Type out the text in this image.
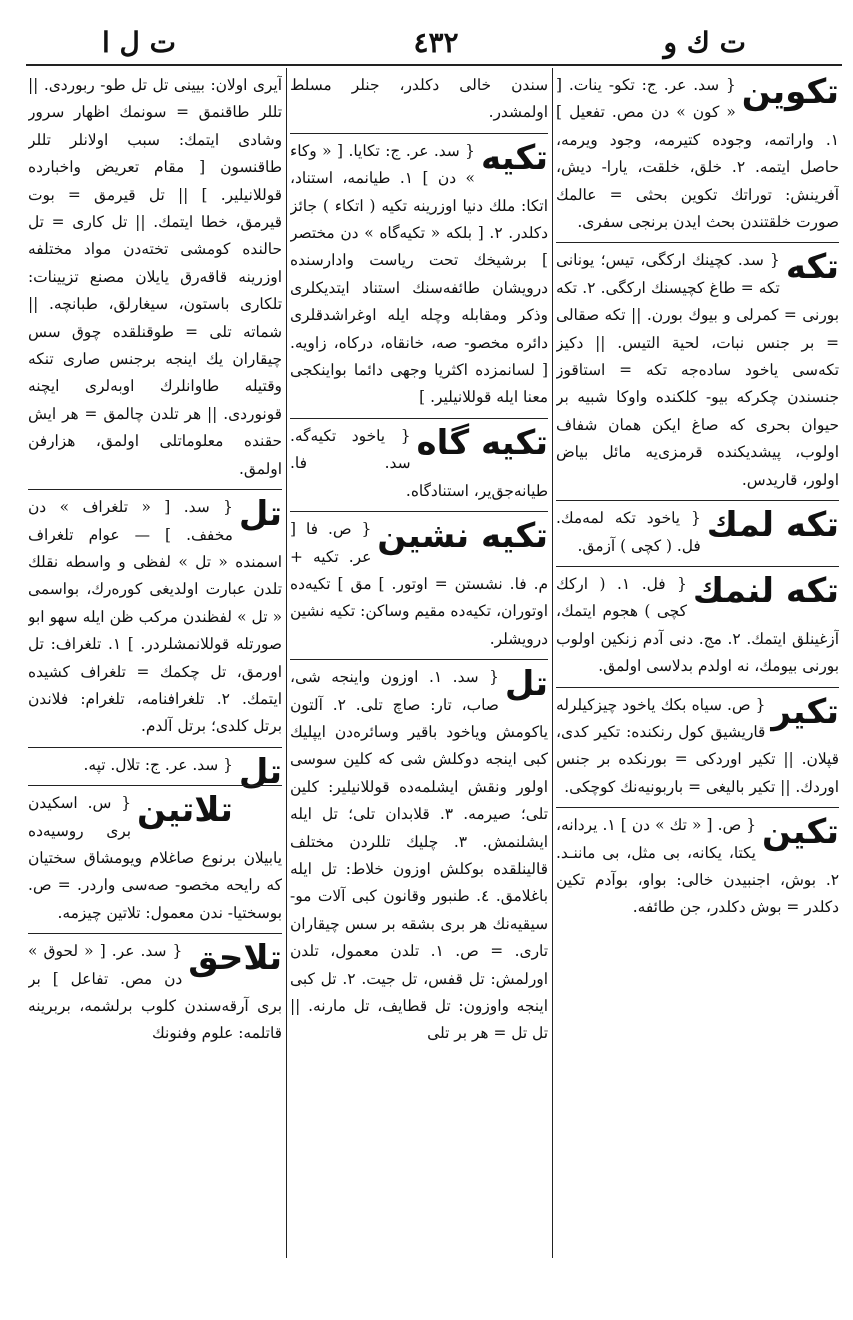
ت ك و
٤٣٢
ت ل ا
تكوين
{ سد. عر. ج: تكو- ينات. [ « كون » دن مص. تفعيل ] ١. واراتمه، وجوده كتيرمه، وجود ويرمه، حاصل ايتمه. ٢. خلق، خلقت، يارا- ديش، آفرينش: توراتك تكوين بحثى = عالمك صورت خلقتندن بحث ايدن برنجى سفرى.
تكه
{ سد. كچينك اركگى، تيس؛ يونانى تكه = طاغ كچيسنك اركگى. ٢. تكه بورنى = كمرلى و بيوك بورن. || تكه صقالى = بر جنس نبات، لحية التيس. || دكيز تكه‌سى ياخود ساده‌جه تكه = استاقوز جنسندن چكركه بيو- كلكنده واوكا شبيه بر حيوان بحرى كه صاغ ايكن همان شفاف اولوب، پيشديكنده قرمزى‌يه مائل بياض اولور، قاريدس.
تكه لمك
{ ياخود تكه لمه‌مك. فل. ( كچى ) آزمق.
تكه لنمك
{ فل. ١. ( اركك كچى ) هجوم ايتمك، آزغينلق ايتمك. ٢. مج. دنى آدم زنكين اولوب بورنى بيومك، نه اولدم بدلاسى اولمق.
تكير
{ ص. سياه بكك ياخود چيزكيلرله قاريشيق كول رنكنده: تكير كدى، قپلان. || تكير اوردكى = بورنكده بر جنس اوردك. || تكير باليغى = باربونيه‌نك كوچكى.
تكين
{ ص. [ « تك » دن ] ١. يردانه، يكتا، يكانه، بى مثل، بى ماننـد. ٢. بوش، اجنبيدن خالى: بواو، بوآدم تكين دكلدر = بوش دكلدر، جن طائفه.
سندن خالى دكلدر، جنلر مسلط اولمشدر.
تكيه
{ سد. عر. ج: تكايا. [ « وكاء » دن ] ١. طيانمه، استناد، اتكا: ملك دنيا اوزرينه تكيه ( اتكاء ) جائز دكلدر. ٢. [ بلكه « تكيه‌گاه » دن مختصر ] برشيخك تحت رياست وادارسنده درويشان طائفه‌سنك استناد ايتديكلرى وذكر ومقابله وچله ايله اوغراشدقلرى دائره مخصو- صه، خانقاه، دركاه، زاويه. [ لسانمزده اكثريا وجهى دائما بواينكجى معنا ايله قوللانيلير. ]
تكيه گاه
{ ياخود تكيه‌گه. سد. فا. طيانه‌جق‌ير، استنادگاه.
تكيه نشين
{ ص. فا [ عر. تكيه + م. فا. نشستن = اوتور. ] مق ] تكيه‌ده اوتوران، تكيه‌ده مقيم وساكن: تكيه نشين درويشلر.
تل
{ سد. ١. اوزون واينجه شى، صاب، تار: صاچ تلى. ٢. آلتون ياكومش وياخود باقير وسائره‌دن ايپليك كبى اينجه دوكلش شى كه كلين سوسى اولور ونقش ايشلمه‌ده قوللانيلير: كلين تلى؛ صيرمه. ٣. قلابدان تلى؛ تل ايله ايشلنمش. ٣. چليك تللردن مختلف قالينلقده بوكلش اوزون خلاط: تل ايله باغلامق. ٤. طنبور وقانون كبى آلات مو- سيقيه‌نك هر برى بشقه بر سس چيقاران تارى. = ص. ١. تلدن معمول، تلدن اورلمش: تل قفس، تل جيت. ٢. تل كبى اينجه واوزون: تل قطايف، تل مارنه. || تل تل = هر بر تلى
آيرى اولان: بيينى تل تل طو- ربوردى. || تللر طاقنمق = سونمك اظهار سرور وشادى ايتمك: سبب اولانلر تللر طاقنسون [ مقام تعريض واخبارده قوللانيلير. ] || تل قيرمق = بوت قيرمق، خطا ايتمك. || تل كارى = تل حالنده كومشى تخته‌دن مواد مختلفه اوزرينه قاقه‌رق يايلان مصنع تزيينات: تلكارى باستون، سيغارلق، طبانچه. || شماته تلى = طوقنلقده چوق سس چيقاران يك اينجه برجنس صارى تنكه وقتيله طاوانلرك اوبه‌لرى ايچنه قونوردى. || هر تلدن چالمق = هر ايش حقنده معلوماتلى اولمق، هزارفن اولمق.
تل
{ سد. [ « تلغراف » دن مخفف. ] — عوام تلغراف اسمنده « تل » لفظى و واسطه نقلك تلدن عبارت اولديغى كوره‌رك، بواسمى « تل » لفظندن مركب ظن ايله سهو ابو صورتله قوللانمشلردر. ] ١. تلغراف: تل اورمق، تل چكمك = تلغراف كشيده ايتمك. ٢. تلغرافنامه، تلغرام: فلاندن برتل كلدى؛ برتل آلدم.
تل
{ سد. عر. ج: تلال. تپه.
تلاتين
{ س. اسكيدن برى روسيه‌ده يابيلان برنوع صاغلام ويومشاق سختيان كه رايحه مخصو- صه‌سى واردر. = ص. بوسختيا- ندن معمول: تلاتين چيزمه.
تلاحق
{ سد. عر. [ « لحوق » دن مص. تفاعل ] بر برى آرقه‌سندن كلوب برلشمه، بربرينه قاتلمه: علوم وفنونك
